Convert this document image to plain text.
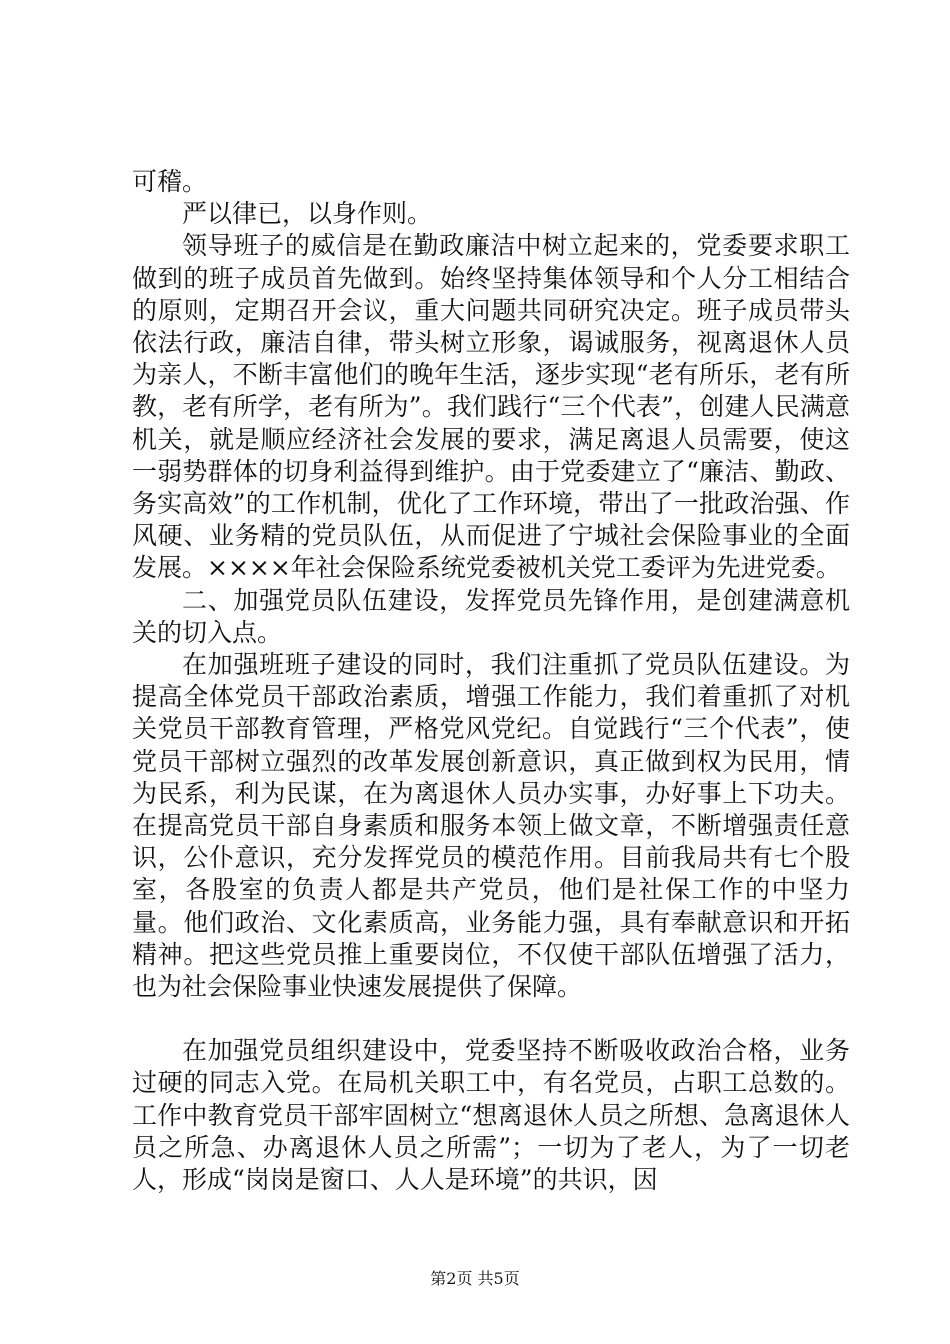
可稽。

严以律已，以身作则。

领导班子的威信是在勤政廉洁中树立起来的，党委要求职工做到的班子成员首先做到。始终坚持集体领导和个人分工相结合的原则，定期召开会议，重大问题共同研究决定。班子成员带头依法行政，廉洁自律，带头树立形象，谒诚服务，视离退休人员为亲人，不断丰富他们的晚年生活，逐步实现“老有所乐，老有所教，老有所学，老有所为”。我们践行“三个代表”，创建人民满意机关，就是顺应经济社会发展的要求，满足离退人员需要，使这一弱势群体的切身利益得到维护。由于党委建立了“廉洁、勤政、务实高效”的工作机制，优化了工作环境，带出了一批政治强、作风硬、业务精的党员队伍，从而促进了宁城社会保险事业的全面发展。××××年社会保险系统党委被机关党工委评为先进党委。

二、加强党员队伍建设，发挥党员先锋作用，是创建满意机关的切入点。

在加强班班子建设的同时，我们注重抓了党员队伍建设。为提高全体党员干部政治素质，增强工作能力，我们着重抓了对机关党员干部教育管理，严格党风党纪。自觉践行“三个代表”，使党员干部树立强烈的改革发展创新意识，真正做到权为民用，情为民系，利为民谋，在为离退休人员办实事，办好事上下功夫。在提高党员干部自身素质和服务本领上做文章，不断增强责任意识，公仆意识，充分发挥党员的模范作用。目前我局共有七个股室，各股室的负责人都是共产党员，他们是社保工作的中坚力量。他们政治、文化素质高，业务能力强，具有奉献意识和开拓精神。把这些党员推上重要岗位，不仅使干部队伍增强了活力，也为社会保险事业快速发展提供了保障。

在加强党员组织建设中，党委坚持不断吸收政治合格，业务过硬的同志入党。在局机关职工中，有名党员，占职工总数的。工作中教育党员干部牢固树立“想离退休人员之所想、急离退休人员之所急、办离退休人员之所需”；一切为了老人，为了一切老人，形成“岗岗是窗口、人人是环境”的共识，因

第2页 共5页
